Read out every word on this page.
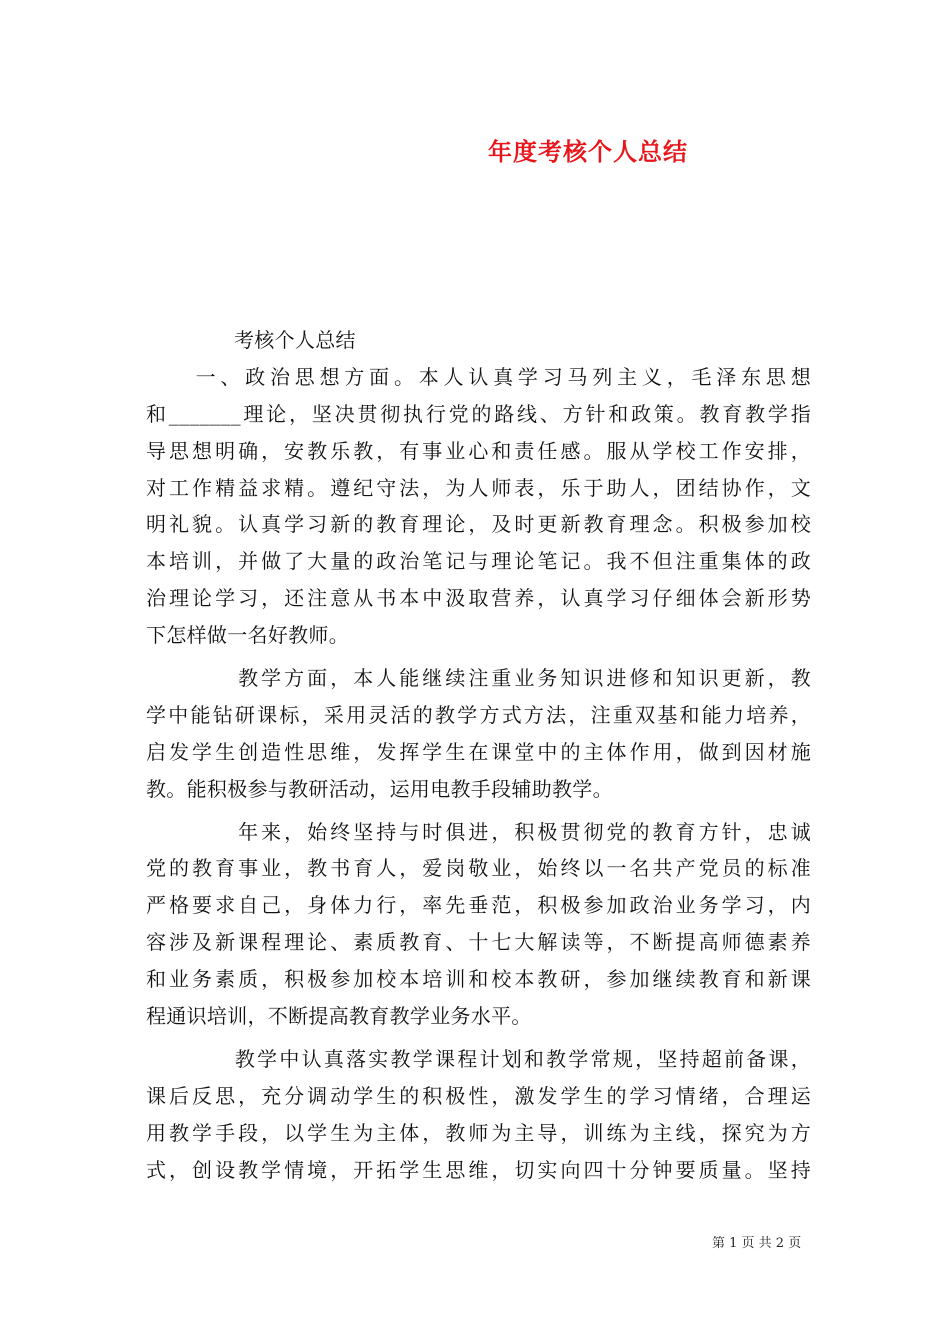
年度考核个人总结
考核个人总结
　　一、政治思想方面。本人认真学习马列主义，毛泽东思想
和_______理论，坚决贯彻执行党的路线、方针和政策。教育教学指
导思想明确，安教乐教，有事业心和责任感。服从学校工作安排，
对工作精益求精。遵纪守法，为人师表，乐于助人，团结协作，文
明礼貌。认真学习新的教育理论，及时更新教育理念。积极参加校
本培训，并做了大量的政治笔记与理论笔记。我不但注重集体的政
治理论学习，还注意从书本中汲取营养，认真学习仔细体会新形势
下怎样做一名好教师。
　　　　教学方面，本人能继续注重业务知识进修和知识更新，教
学中能钻研课标，采用灵活的教学方式方法，注重双基和能力培养，
启发学生创造性思维，发挥学生在课堂中的主体作用，做到因材施
教。能积极参与教研活动，运用电教手段辅助教学。
　　　　年来，始终坚持与时俱进，积极贯彻党的教育方针，忠诚
党的教育事业，教书育人，爱岗敬业，始终以一名共产党员的标准
严格要求自己，身体力行，率先垂范，积极参加政治业务学习，内
容涉及新课程理论、素质教育、十七大解读等，不断提高师德素养
和业务素质，积极参加校本培训和校本教研，参加继续教育和新课
程通识培训，不断提高教育教学业务水平。
　　　　教学中认真落实教学课程计划和教学常规，坚持超前备课，
课后反思，充分调动学生的积极性，激发学生的学习情绪，合理运
用教学手段，以学生为主体，教师为主导，训练为主线，探究为方
式，创设教学情境，开拓学生思维，切实向四十分钟要质量。坚持
第 1 页 共 2 页
